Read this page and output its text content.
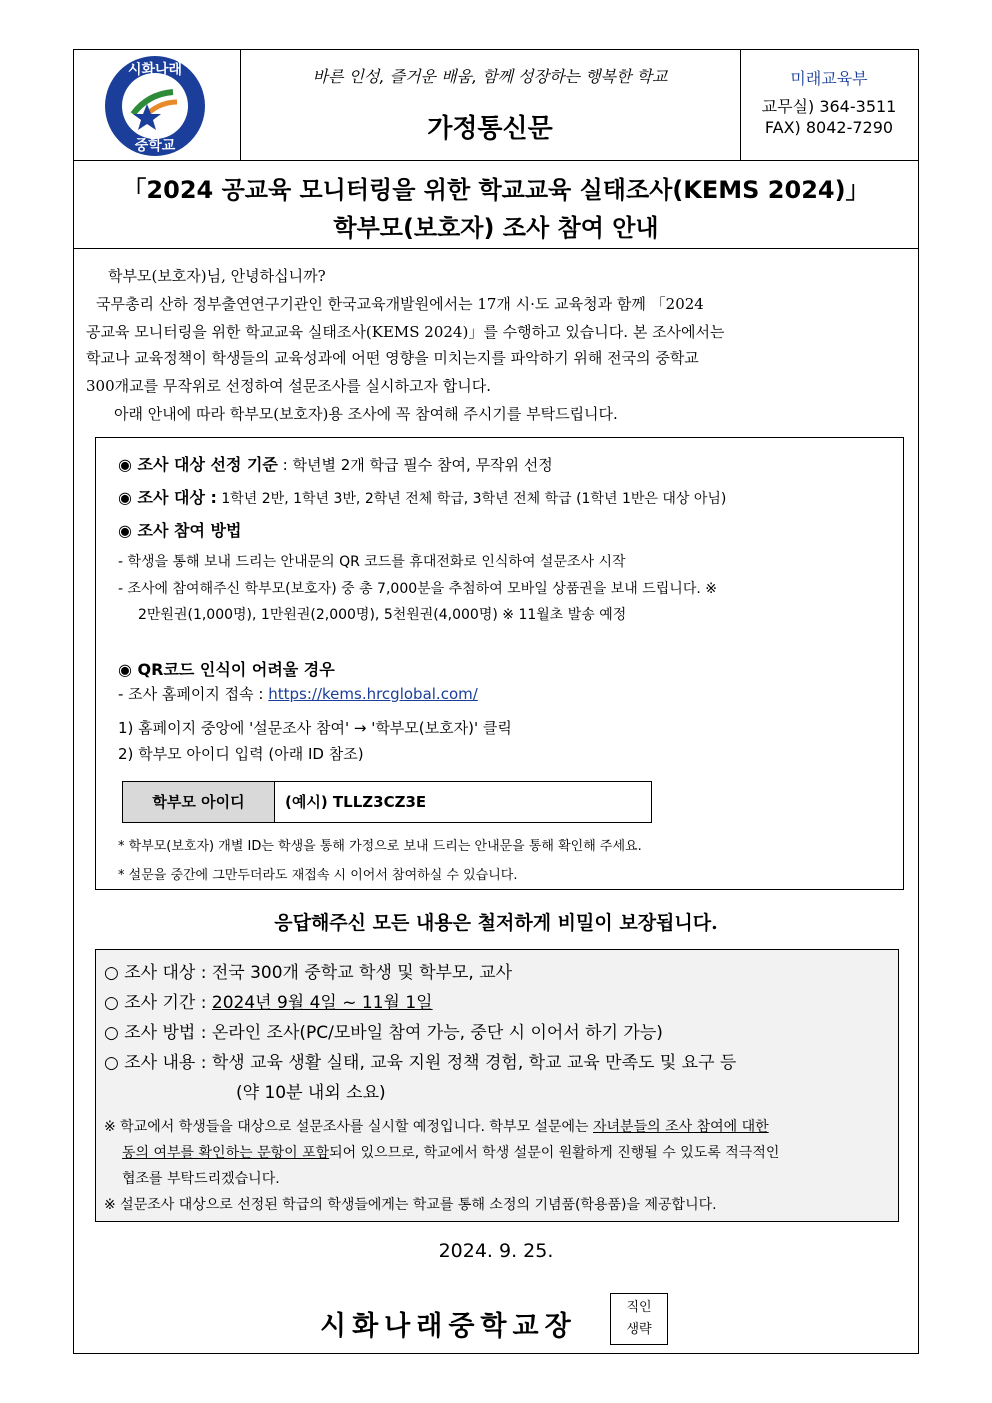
시화나래
중학교
바른 인성, 즐거운 배움, 함께 성장하는 행복한 학교
가정통신문
미래교육부
교무실) 364-3511
FAX) 8042-7290
「2024 공교육 모니터링을 위한 학교교육 실태조사(KEMS 2024)」
학부모(보호자) 조사 참여 안내
학부모(보호자)님, 안녕하십니까?
국무총리 산하 정부출연연구기관인 한국교육개발원에서는 17개 시·도 교육청과 함께 「2024
공교육 모니터링을 위한 학교교육 실태조사(KEMS 2024)」를 수행하고 있습니다. 본 조사에서는
학교나 교육정책이 학생들의 교육성과에 어떤 영향을 미치는지를 파악하기 위해 전국의 중학교
300개교를 무작위로 선정하여 설문조사를 실시하고자 합니다.
아래 안내에 따라 학부모(보호자)용 조사에 꼭 참여해 주시기를 부탁드립니다.
◉ 조사 대상 선정 기준 : 학년별 2개 학급 필수 참여, 무작위 선정
◉ 조사 대상 : 1학년 2반, 1학년 3반, 2학년 전체 학급, 3학년 전체 학급 (1학년 1반은 대상 아님)
◉ 조사 참여 방법
- 학생을 통해 보내 드리는 안내문의 QR 코드를 휴대전화로 인식하여 설문조사 시작
- 조사에 참여해주신 학부모(보호자) 중 총 7,000분을 추첨하여 모바일 상품권을 보내 드립니다. ※
2만원권(1,000명), 1만원권(2,000명), 5천원권(4,000명) ※ 11월초 발송 예정
◉ QR코드 인식이 어려울 경우
- 조사 홈페이지 접속 : https://kems.hrcglobal.com/
1) 홈페이지 중앙에 '설문조사 참여' → '학부모(보호자)' 클릭
2) 학부모 아이디 입력 (아래 ID 참조)
학부모 아이디	(예시) TLLZ3CZ3E
* 학부모(보호자) 개별 ID는 학생을 통해 가정으로 보내 드리는 안내문을 통해 확인해 주세요.
* 설문을 중간에 그만두더라도 재접속 시 이어서 참여하실 수 있습니다.
응답해주신 모든 내용은 철저하게 비밀이 보장됩니다.
○ 조사 대상 : 전국 300개 중학교 학생 및 학부모, 교사
○ 조사 기간 : 2024년 9월 4일 ~ 11월 1일
○ 조사 방법 : 온라인 조사(PC/모바일 참여 가능, 중단 시 이어서 하기 가능)
○ 조사 내용 : 학생 교육 생활 실태, 교육 지원 정책 경험, 학교 교육 만족도 및 요구 등
(약 10분 내외 소요)
※ 학교에서 학생들을 대상으로 설문조사를 실시할 예정입니다. 학부모 설문에는 자녀분들의 조사 참여에 대한
동의 여부를 확인하는 문항이 포함되어 있으므로, 학교에서 학생 설문이 원활하게 진행될 수 있도록 적극적인
협조를 부탁드리겠습니다.
※ 설문조사 대상으로 선정된 학급의 학생들에게는 학교를 통해 소정의 기념품(학용품)을 제공합니다.
2024. 9. 25.
시화나래중학교장
직인
생략
